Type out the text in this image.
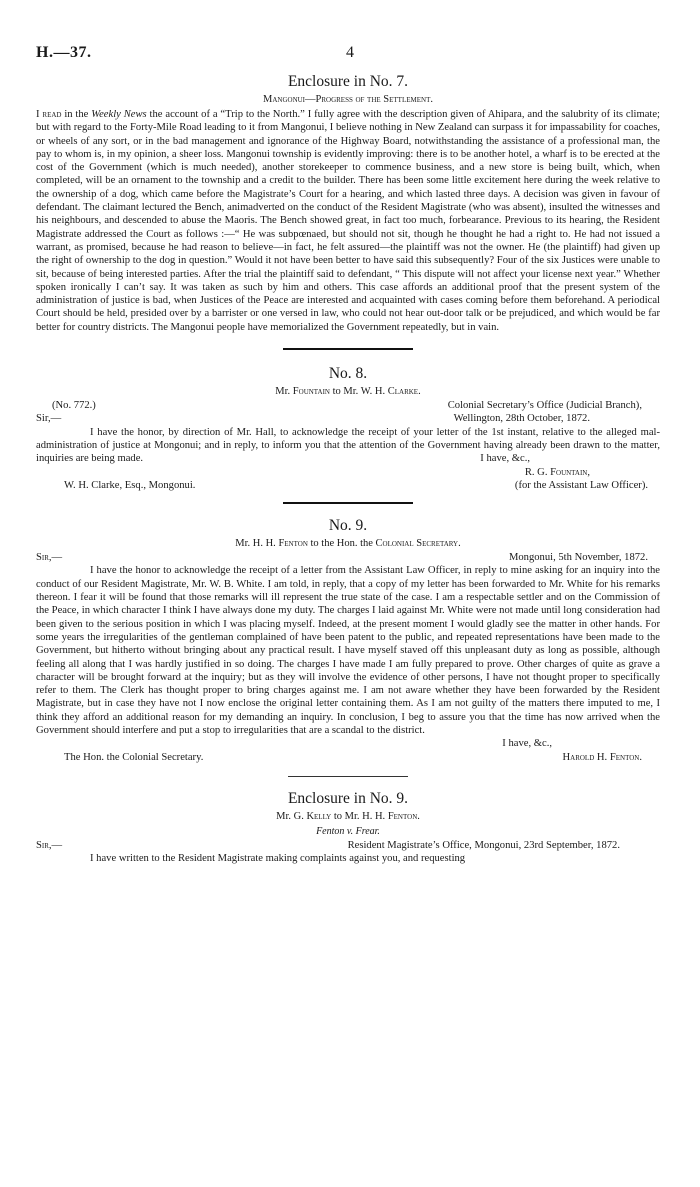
H.—37.	4

Enclosure in No. 7.

Mangonui—Progress of the Settlement.

I read in the Weekly News the account of a “Trip to the North.” I fully agree with the description given of Ahipara, and the salubrity of its climate; but with regard to the Forty-Mile Road leading to it from Mangonui, I believe nothing in New Zealand can surpass it for impassability for coaches, or wheels of any sort, or in the bad management and ignorance of the Highway Board, notwithstanding the assistance of a professional man, the pay to whom is, in my opinion, a sheer loss. Mangonui township is evidently improving: there is to be another hotel, a wharf is to be erected at the cost of the Government (which is much needed), another storekeeper to commence business, and a new store is being built, which, when completed, will be an ornament to the township and a credit to the builder. There has been some little excitement here during the week relative to the ownership of a dog, which came before the Magistrate’s Court for a hearing, and which lasted three days. A decision was given in favour of defendant. The claimant lectured the Bench, animadverted on the conduct of the Resident Magistrate (who was absent), insulted the witnesses and his neighbours, and descended to abuse the Maoris. The Bench showed great, in fact too much, forbearance. Previous to its hearing, the Resident Magistrate addressed the Court as follows :—“ He was subpœnaed, but should not sit, though he thought he had a right to. He had not issued a warrant, as promised, because he had reason to believe—in fact, he felt assured—the plaintiff was not the owner. He (the plaintiff) had given up the right of ownership to the dog in question.” Would it not have been better to have said this subsequently? Four of the six Justices were unable to sit, because of being interested parties. After the trial the plaintiff said to defendant, “ This dispute will not affect your license next year.” Whether spoken ironically I can’t say. It was taken as such by him and others. This case affords an additional proof that the present system of the administration of justice is bad, when Justices of the Peace are interested and acquainted with cases coming before them beforehand. A periodical Court should be held, presided over by a barrister or one versed in law, who could not hear out-door talk or be prejudiced, and which would be far better for country districts. The Mangonui people have memorialized the Government repeatedly, but in vain.

No. 8.

Mr. Fountain to Mr. W. H. Clarke.

(No. 772.)	Colonial Secretary’s Office (Judicial Branch),
Sir,—	Wellington, 28th October, 1872.

I have the honor, by direction of Mr. Hall, to acknowledge the receipt of your letter of the 1st instant, relative to the alleged mal-administration of justice at Mongonui; and in reply, to inform you that the attention of the Government having already been drawn to the matter, inquiries are being made.	I have, &c.,
R. G. Fountain,
W. H. Clarke, Esq., Mongonui.	(for the Assistant Law Officer).

No. 9.

Mr. H. H. Fenton to the Hon. the Colonial Secretary.

Sir,—	Mongonui, 5th November, 1872.

I have the honor to acknowledge the receipt of a letter from the Assistant Law Officer, in reply to mine asking for an inquiry into the conduct of our Resident Magistrate, Mr. W. B. White. I am told, in reply, that a copy of my letter has been forwarded to Mr. White for his remarks thereon. I fear it will be found that those remarks will ill represent the true state of the case. I am a respectable settler and on the Commission of the Peace, in which character I think I have always done my duty. The charges I laid against Mr. White were not made until long consideration had been given to the serious position in which I was placing myself. Indeed, at the present moment I would gladly see the matter in other hands. For some years the irregularities of the gentleman complained of have been patent to the public, and repeated representations have been made to the Government, but hitherto without bringing about any practical result. I have myself staved off this unpleasant duty as long as possible, although feeling all along that I was hardly justified in so doing. The charges I have made I am fully prepared to prove. Other charges of quite as grave a character will be brought forward at the inquiry; but as they will involve the evidence of other persons, I have not thought proper to specifically refer to them. The Clerk has thought proper to bring charges against me. I am not aware whether they have been forwarded by the Resident Magistrate, but in case they have not I now enclose the original letter containing them. As I am not guilty of the matters there imputed to me, I think they afford an additional reason for my demanding an inquiry. In conclusion, I beg to assure you that the time has now arrived when the Government should interfere and put a stop to irregularities that are a scandal to the district.

I have, &c.,
The Hon. the Colonial Secretary.	Harold H. Fenton.

Enclosure in No. 9.

Mr. G. Kelly to Mr. H. H. Fenton.

Fenton v. Frear.

Sir,—	Resident Magistrate’s Office, Mongonui, 23rd September, 1872.

I have written to the Resident Magistrate making complaints against you, and requesting
